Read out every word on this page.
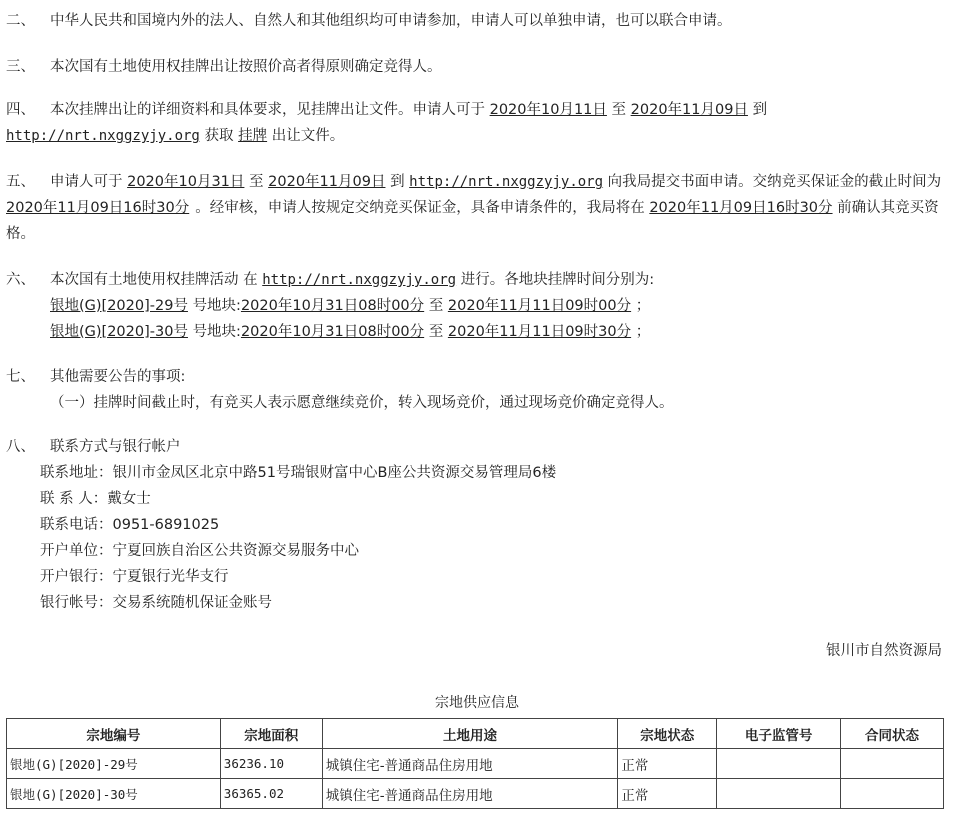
二、 中华人民共和国境内外的法人、自然人和其他组织均可申请参加，申请人可以单独申请，也可以联合申请。
三、 本次国有土地使用权挂牌出让按照价高者得原则确定竞得人。
四、 本次挂牌出让的详细资料和具体要求，见挂牌出让文件。申请人可于 2020年10月11日 至 2020年11月09日 到
http://nrt.nxggzyjy.org 获取 挂牌 出让文件。
五、 申请人可于 2020年10月31日 至 2020年11月09日 到 http://nrt.nxggzyjy.org 向我局提交书面申请。交纳竞买保证金的截止时间为2020年11月09日16时30分 。经审核，申请人按规定交纳竞买保证金，具备申请条件的，我局将在 2020年11月09日16时30分 前确认其竞买资格。
六、 本次国有土地使用权挂牌活动 在 http://nrt.nxggzyjy.org 进行。各地块挂牌时间分别为:
银地(G)[2020]-29号 号地块:2020年10月31日08时00分 至 2020年11月11日09时00分 ；
银地(G)[2020]-30号 号地块:2020年10月31日08时00分 至 2020年11月11日09时30分 ；
七、 其他需要公告的事项:
（一）挂牌时间截止时，有竞买人表示愿意继续竞价，转入现场竞价，通过现场竞价确定竞得人。
八、 联系方式与银行帐户
联系地址：银川市金凤区北京中路51号瑞银财富中心B座公共资源交易管理局6楼
联 系 人：戴女士
联系电话：0951-6891025
开户单位：宁夏回族自治区公共资源交易服务中心
开户银行：宁夏银行光华支行
银行帐号：交易系统随机保证金账号
银川市自然资源局
宗地供应信息
宗地编号	宗地面积	土地用途	宗地状态	电子监管号	合同状态
银地(G)[2020]-29号	36236.10	城镇住宅-普通商品住房用地	正常		
银地(G)[2020]-30号	36365.02	城镇住宅-普通商品住房用地	正常		
